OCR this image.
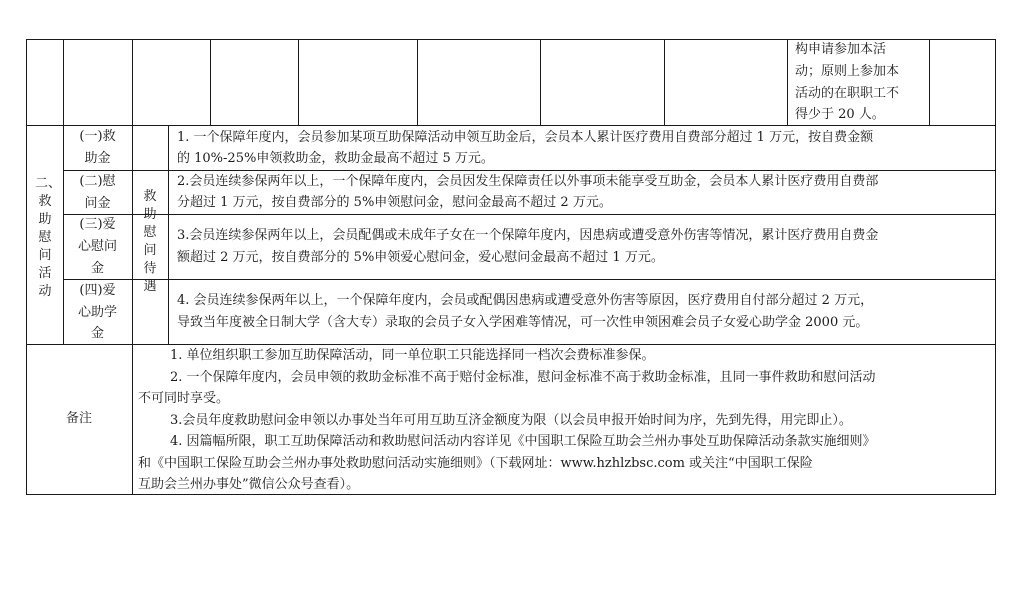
构申请参加本活
动；原则上参加本
活动的在职职工不
得少于 20 人。
二、救助慰问活动
救助慰问待遇
(一)救
助金
(二)慰
问金
(三)爱
心慰问
金
(四)爱
心助学
金
1. 一个保障年度内，会员参加某项互助保障活动申领互助金后，会员本人累计医疗费用自费部分超过 1 万元，按自费金额
的 10%-25%申领救助金，救助金最高不超过 5 万元。
2.会员连续参保两年以上，一个保障年度内，会员因发生保障责任以外事项未能享受互助金，会员本人累计医疗费用自费部
分超过 1 万元，按自费部分的 5%申领慰问金，慰问金最高不超过 2 万元。
3.会员连续参保两年以上，会员配偶或未成年子女在一个保障年度内，因患病或遭受意外伤害等情况，累计医疗费用自费金
额超过 2 万元，按自费部分的 5%申领爱心慰问金，爱心慰问金最高不超过 1 万元。
4. 会员连续参保两年以上，一个保障年度内，会员或配偶因患病或遭受意外伤害等原因，医疗费用自付部分超过 2 万元，
导致当年度被全日制大学（含大专）录取的会员子女入学困难等情况，可一次性申领困难会员子女爱心助学金 2000 元。
备注
1. 单位组织职工参加互助保障活动，同一单位职工只能选择同一档次会费标准参保。
2. 一个保障年度内，会员申领的救助金标准不高于赔付金标准，慰问金标准不高于救助金标准，且同一事件救助和慰问活动
不可同时享受。
3.会员年度救助慰问金申领以办事处当年可用互助互济金额度为限（以会员申报开始时间为序，先到先得，用完即止）。
4. 因篇幅所限，职工互助保障活动和救助慰问活动内容详见《中国职工保险互助会兰州办事处互助保障活动条款实施细则》
和《中国职工保险互助会兰州办事处救助慰问活动实施细则》（下载网址：www.hzhlzbsc.com 或关注“中国职工保险
互助会兰州办事处”微信公众号查看）。
